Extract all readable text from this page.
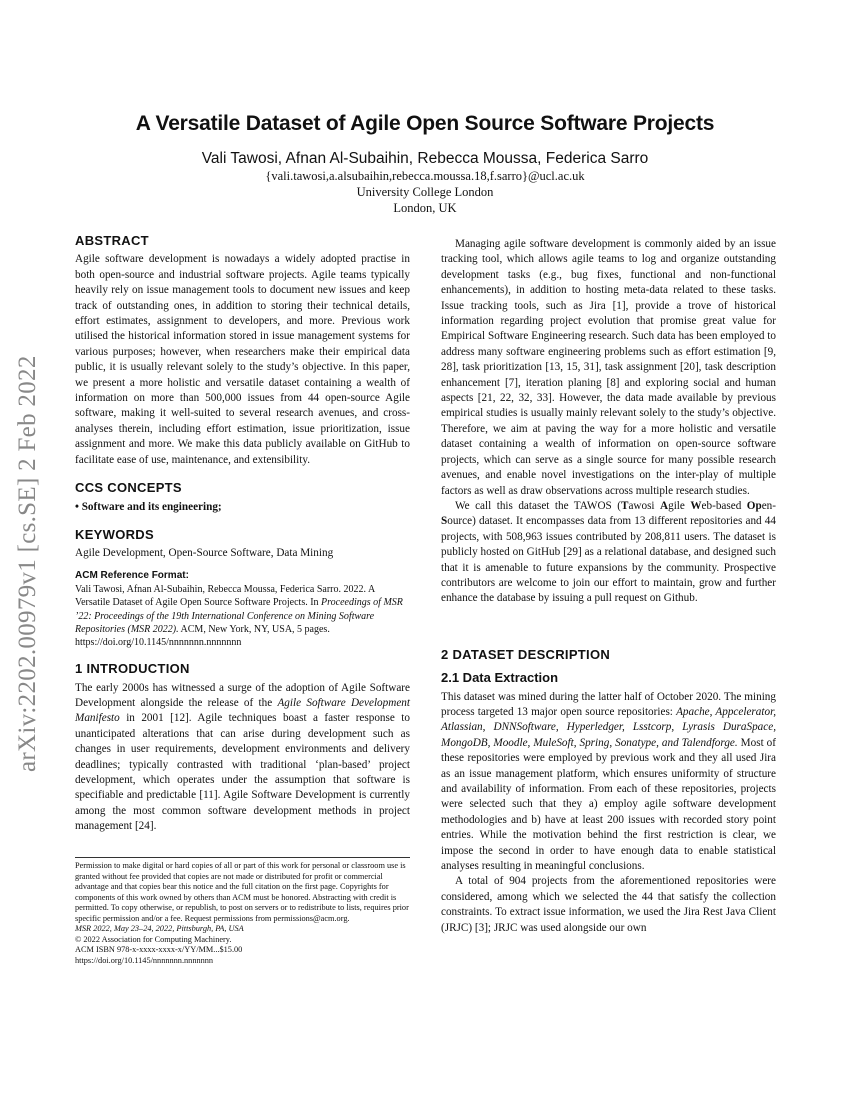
arXiv:2202.00979v1 [cs.SE] 2 Feb 2022
A Versatile Dataset of Agile Open Source Software Projects
Vali Tawosi, Afnan Al-Subaihin, Rebecca Moussa, Federica Sarro
{vali.tawosi,a.alsubaihin,rebecca.moussa.18,f.sarro}@ucl.ac.uk
University College London
London, UK
ABSTRACT

Agile software development is nowadays a widely adopted practise in both open-source and industrial software projects. Agile teams typically heavily rely on issue management tools to document new issues and keep track of outstanding ones, in addition to storing their technical details, effort estimates, assignment to developers, and more. Previous work utilised the historical information stored in issue management systems for various purposes; however, when researchers make their empirical data public, it is usually relevant solely to the study’s objective. In this paper, we present a more holistic and versatile dataset containing a wealth of information on more than 500,000 issues from 44 open-source Agile software, making it well-suited to several research avenues, and cross-analyses therein, including effort estimation, issue prioritization, issue assignment and more. We make this data publicly available on GitHub to facilitate ease of use, maintenance, and extensibility.

CCS CONCEPTS
• Software and its engineering;
KEYWORDS

Agile Development, Open-Source Software, Data Mining

ACM Reference Format:

Vali Tawosi, Afnan Al-Subaihin, Rebecca Moussa, Federica Sarro. 2022. A Versatile Dataset of Agile Open Source Software Projects. In Proceedings of MSR ’22: Proceedings of the 19th International Conference on Mining Software Repositories (MSR 2022). ACM, New York, NY, USA, 5 pages. https://doi.org/10.1145/nnnnnnn.nnnnnnn

1 INTRODUCTION

The early 2000s has witnessed a surge of the adoption of Agile Software Development alongside the release of the Agile Software Development Manifesto in 2001 [12]. Agile techniques boast a faster response to unanticipated alterations that can arise during development such as changes in user requirements, development environments and delivery deadlines; typically contrasted with traditional ‘plan-based’ project development, which operates under the assumption that software is specifiable and predictable [11]. Agile Software Development is currently among the most common software development methods in project management [24].

Permission to make digital or hard copies of all or part of this work for personal or classroom use is granted without fee provided that copies are not made or distributed for profit or commercial advantage and that copies bear this notice and the full citation on the first page. Copyrights for components of this work owned by others than ACM must be honored. Abstracting with credit is permitted. To copy otherwise, or republish, to post on servers or to redistribute to lists, requires prior specific permission and/or a fee. Request permissions from permissions@acm.org.

MSR 2022, May 23–24, 2022, Pittsburgh, PA, USA

© 2022 Association for Computing Machinery.

ACM ISBN 978-x-xxxx-xxxx-x/YY/MM...$15.00

https://doi.org/10.1145/nnnnnnn.nnnnnnn

Managing agile software development is commonly aided by an issue tracking tool, which allows agile teams to log and organize outstanding development tasks (e.g., bug fixes, functional and non-functional enhancements), in addition to hosting meta-data related to these tasks. Issue tracking tools, such as Jira [1], provide a trove of historical information regarding project evolution that promise great value for Empirical Software Engineering research. Such data has been employed to address many software engineering problems such as effort estimation [9, 28], task prioritization [13, 15, 31], task assignment [20], task description enhancement [7], iteration planing [8] and exploring social and human aspects [21, 22, 32, 33]. However, the data made available by previous empirical studies is usually mainly relevant solely to the study’s objective. Therefore, we aim at paving the way for a more holistic and versatile dataset containing a wealth of information on open-source software projects, which can serve as a single source for many possible research avenues, and enable novel investigations on the inter-play of multiple factors as well as draw observations across multiple research studies.

We call this dataset the TAWOS (Tawosi Agile Web-based Open-Source) dataset. It encompasses data from 13 different repositories and 44 projects, with 508,963 issues contributed by 208,811 users. The dataset is publicly hosted on GitHub [29] as a relational database, and designed such that it is amenable to future expansions by the community. Prospective contributors are welcome to join our effort to maintain, grow and further enhance the database by issuing a pull request on Github.

2 DATASET DESCRIPTION
2.1 Data Extraction

This dataset was mined during the latter half of October 2020. The mining process targeted 13 major open source repositories: Apache, Appcelerator, Atlassian, DNNSoftware, Hyperledger, Lsstcorp, Lyrasis DuraSpace, MongoDB, Moodle, MuleSoft, Spring, Sonatype, and Talendforge. Most of these repositories were employed by previous work and they all used Jira as an issue management platform, which ensures uniformity of structure and availability of information. From each of these repositories, projects were selected such that they a) employ agile software development methodologies and b) have at least 200 issues with recorded story point entries. While the motivation behind the first restriction is clear, we impose the second in order to have enough data to enable statistical analyses resulting in meaningful conclusions.

A total of 904 projects from the aforementioned repositories were considered, among which we selected the 44 that satisfy the collection constraints. To extract issue information, we used the Jira Rest Java Client (JRJC) [3]; JRJC was used alongside our own
